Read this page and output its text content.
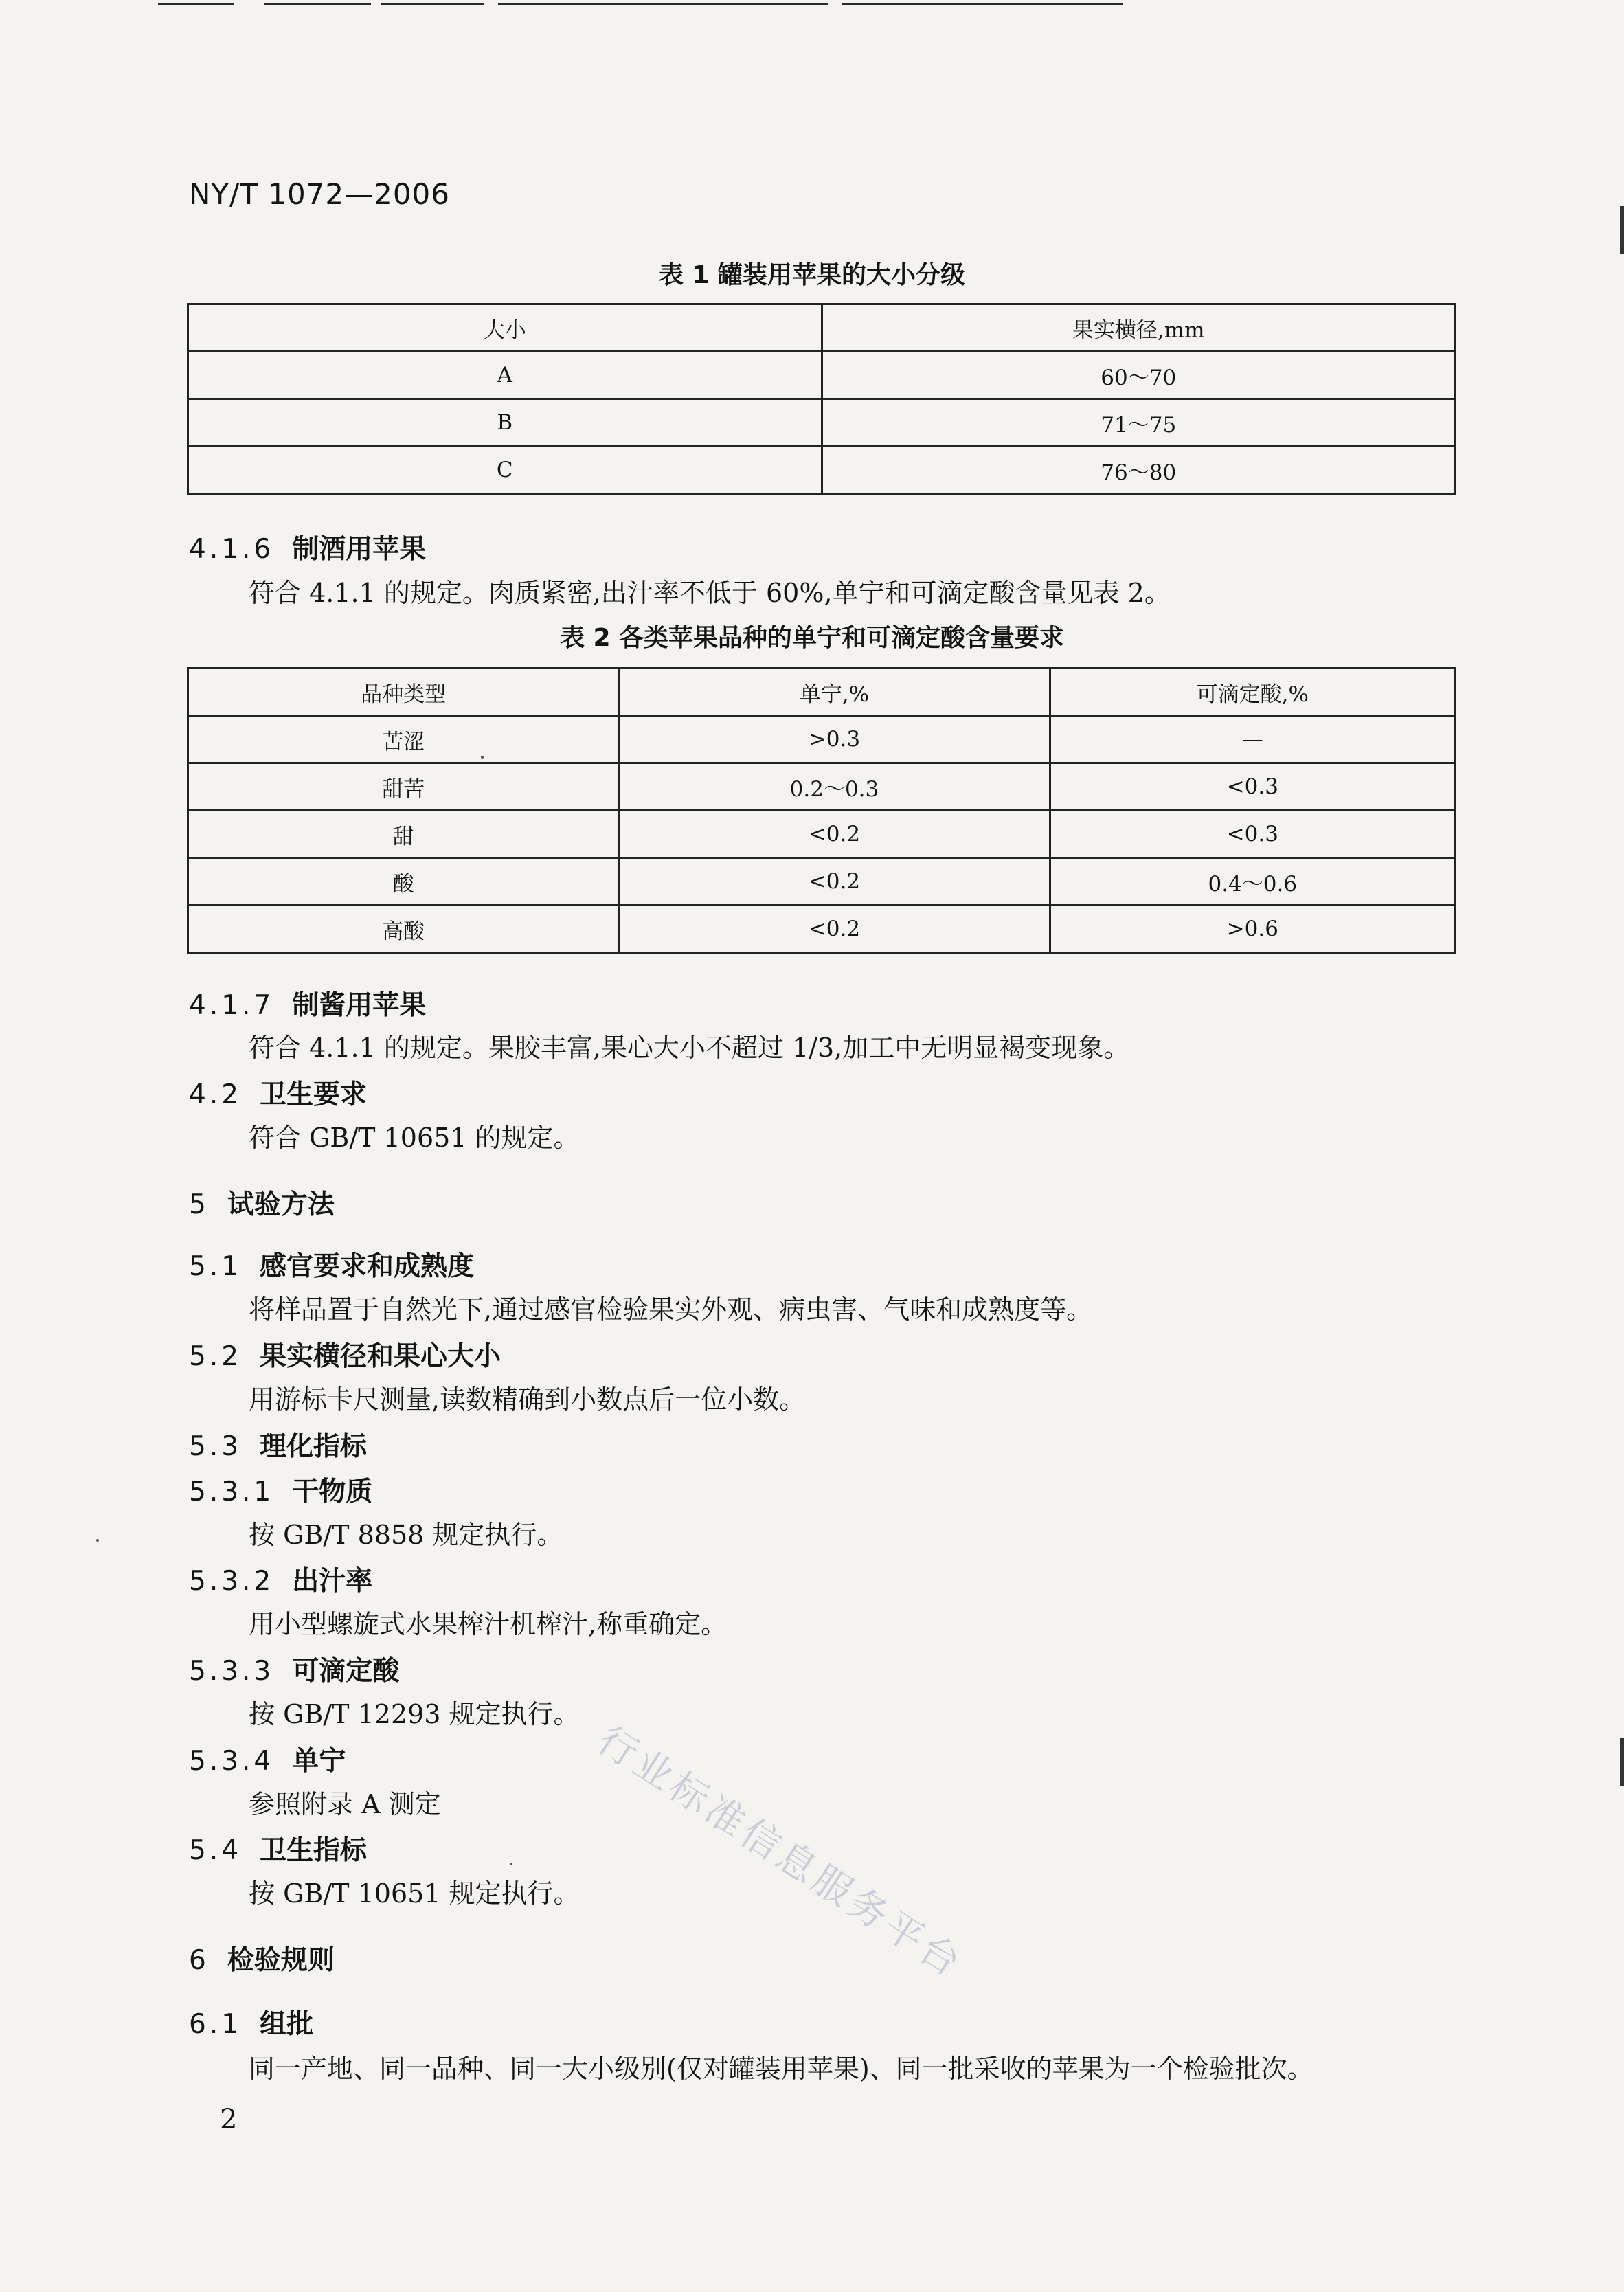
NY/T 1072—2006
表 1 罐装用苹果的大小分级
大小	果实横径,mm
A	60～70
B	71～75
C	76～80
4.1.6 制酒用苹果
符合 4.1.1 的规定。肉质紧密,出汁率不低于 60%,单宁和可滴定酸含量见表 2。
表 2 各类苹果品种的单宁和可滴定酸含量要求
品种类型	单宁,%	可滴定酸,%
苦涩	>0.3	—
甜苦	0.2～0.3	<0.3
甜	<0.2	<0.3
酸	<0.2	0.4～0.6
高酸	<0.2	>0.6
4.1.7 制酱用苹果
符合 4.1.1 的规定。果胶丰富,果心大小不超过 1/3,加工中无明显褐变现象。
4.2 卫生要求
符合 GB/T 10651 的规定。
5 试验方法
5.1 感官要求和成熟度
将样品置于自然光下,通过感官检验果实外观、病虫害、气味和成熟度等。
5.2 果实横径和果心大小
用游标卡尺测量,读数精确到小数点后一位小数。
5.3 理化指标
5.3.1 干物质
按 GB/T 8858 规定执行。
5.3.2 出汁率
用小型螺旋式水果榨汁机榨汁,称重确定。
5.3.3 可滴定酸
按 GB/T 12293 规定执行。
5.3.4 单宁
参照附录 A 测定
5.4 卫生指标
按 GB/T 10651 规定执行。
6 检验规则
6.1 组批
同一产地、同一品种、同一大小级别(仅对罐装用苹果)、同一批采收的苹果为一个检验批次。
2
行业标准信息服务平台
